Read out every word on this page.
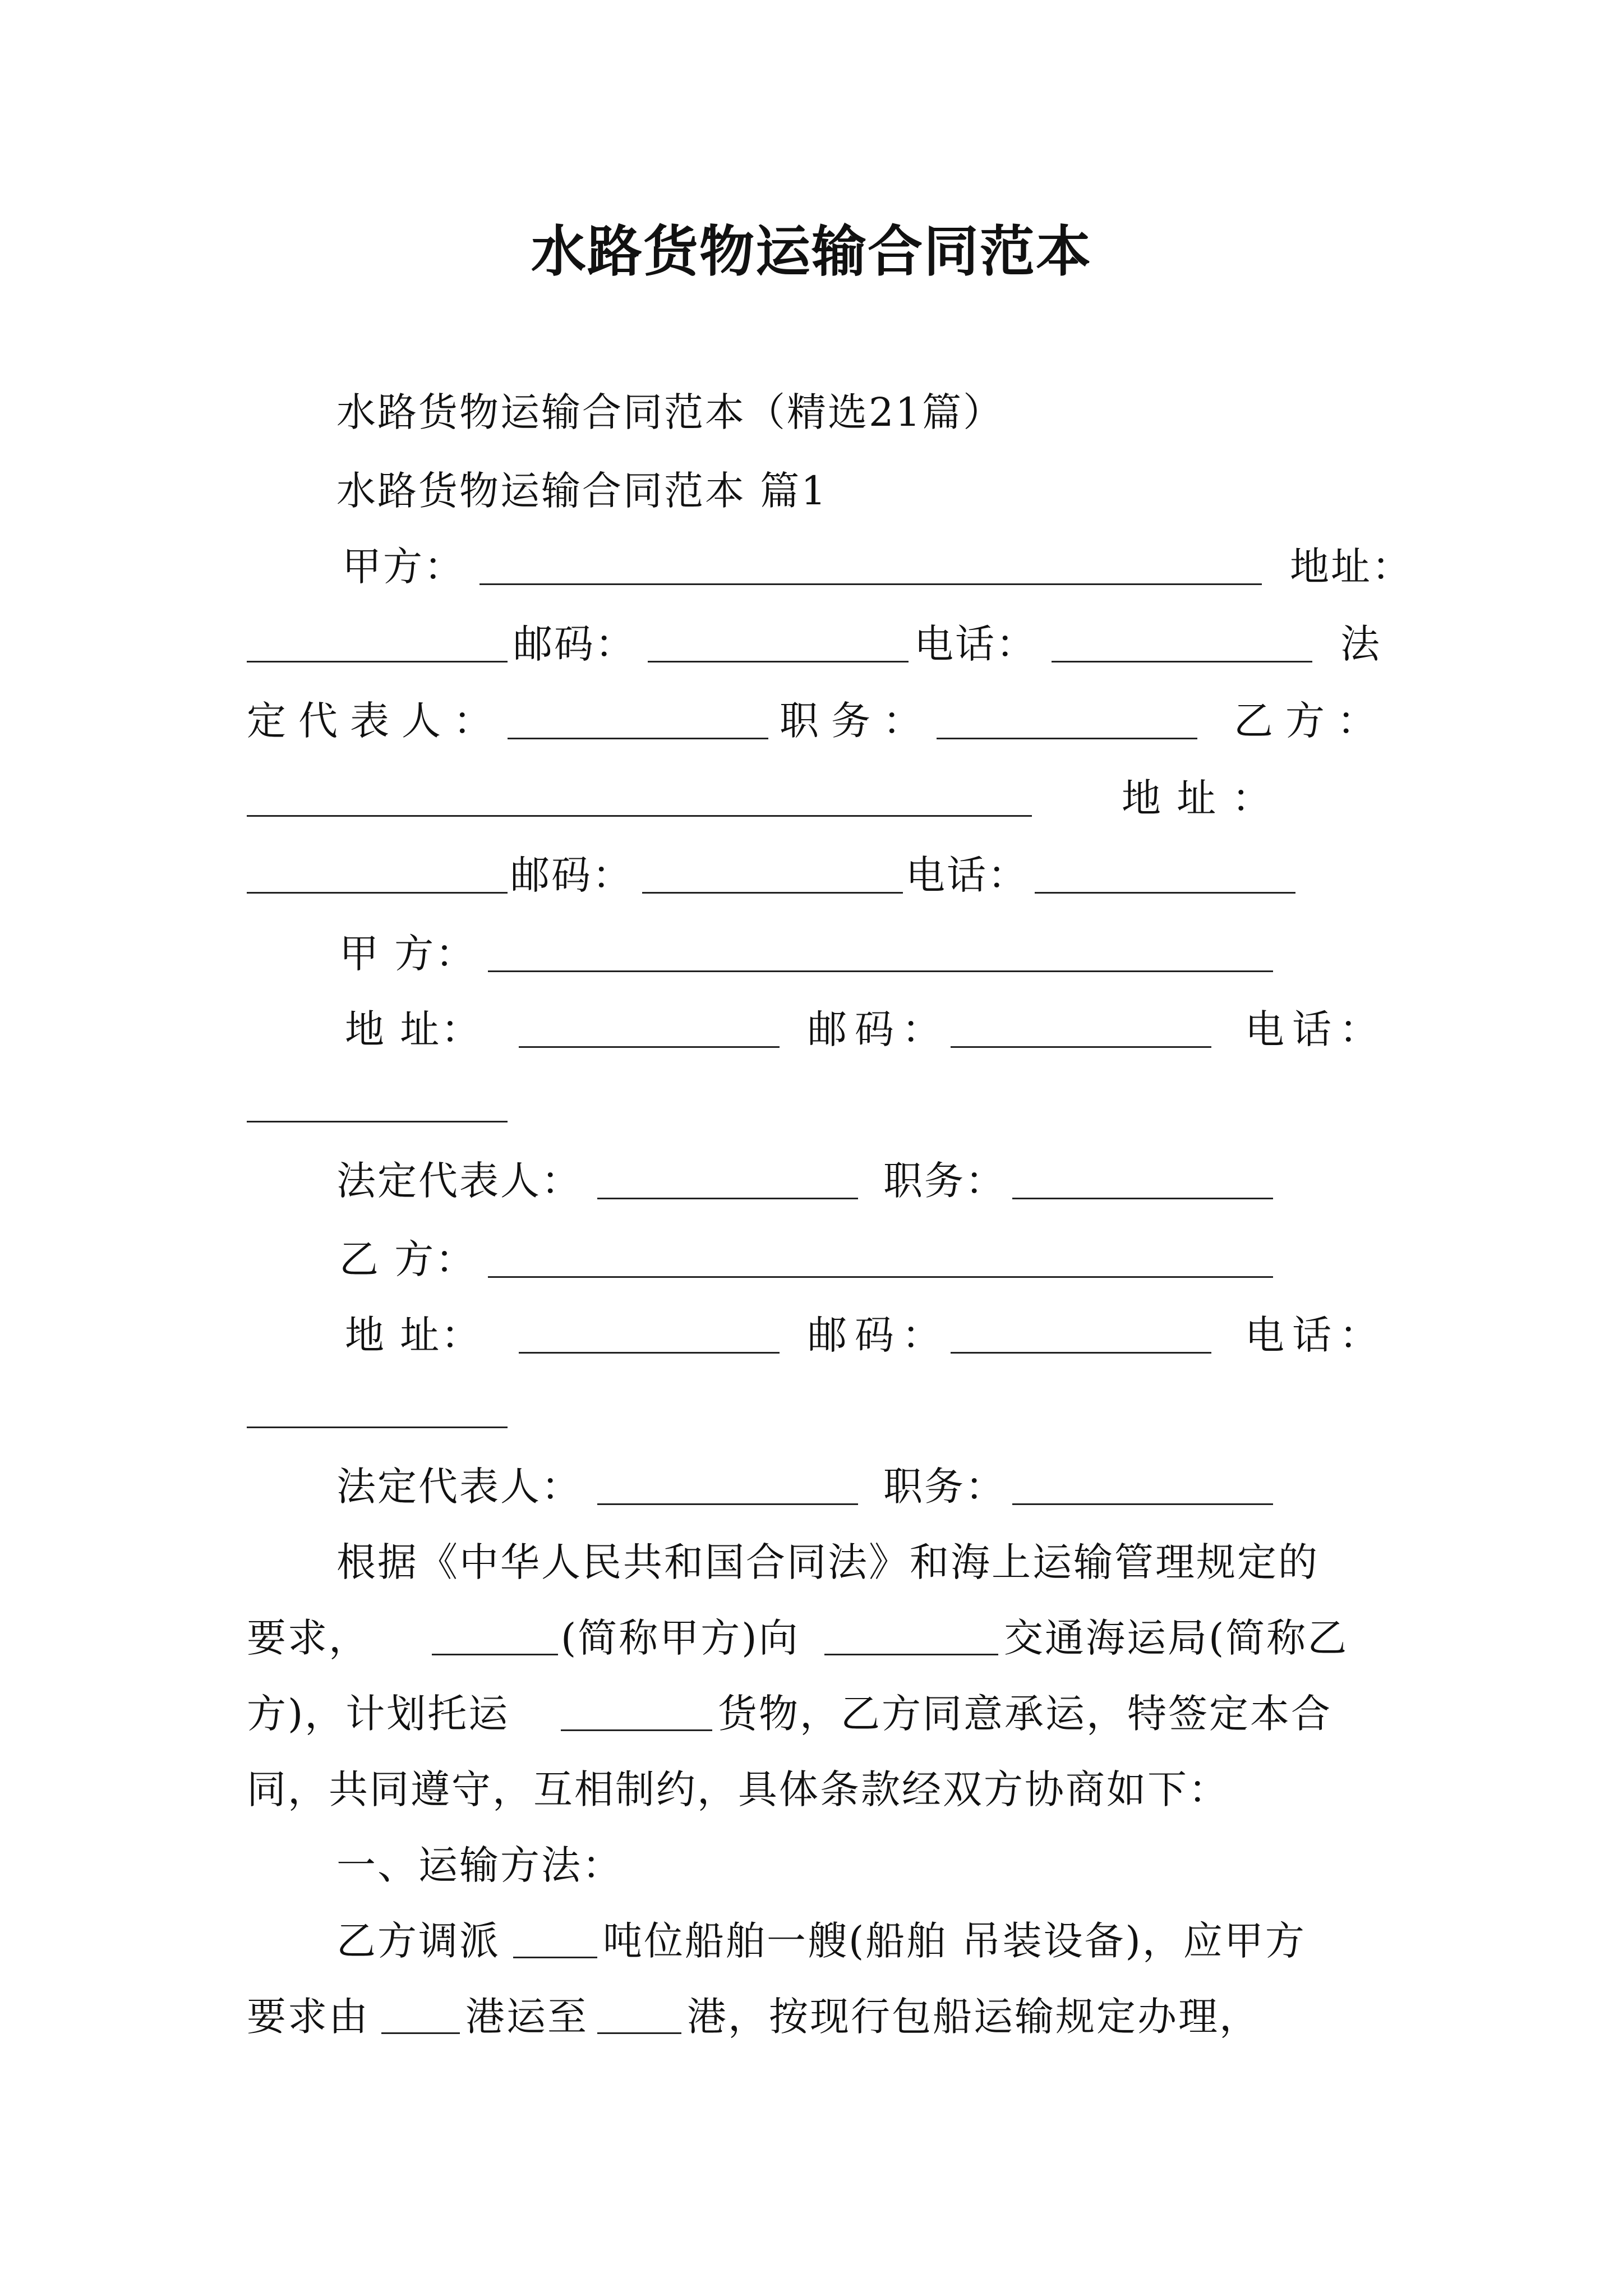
水路货物运输合同范本
水路货物运输合同范本（精选21篇）
水路货物运输合同范本 篇1
甲方：	地址：
邮码：	电话：	法
定代表人：	职务：	乙方：
地 址 ：
邮码：	电话：
甲 方：
地 址：	邮码：	电话：
法定代表人：	职务：
乙 方：
地 址：	邮码：	电话：
法定代表人：	职务：
根据《中华人民共和国合同法》和海上运输管理规定的
要求，	(简称甲方)向	交通海运局(简称乙
方)，计划托运	货物，乙方同意承运，特签定本合
同，共同遵守，互相制约，具体条款经双方协商如下：
一、运输方法：
乙方调派	吨位船舶一艘(船舶 吊装设备)，应甲方
要求由 港运至	港，按现行包船运输规定办理，
